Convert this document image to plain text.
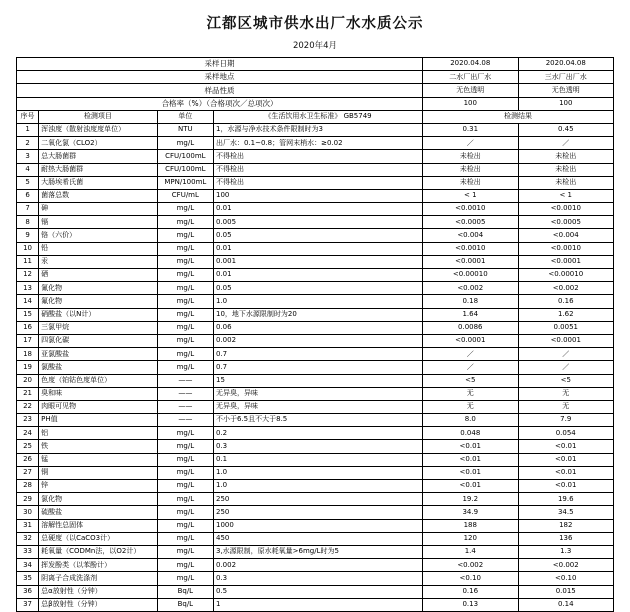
江都区城市供水出厂水水质公示
2020年4月
采样日期				2020.04.08	2020.04.08
采样地点				二水厂出厂水	三水厂出厂水
样品性质				无色透明	无色透明
合格率（%）（合格项次／总项次）				100	100
序号	检测项目	单位	《生活饮用水卫生标准》 GB5749	检测结果	
1	浑浊度（散射浊度度单位）	NTU	1，水源与净水技术条件限制时为3	0.31	0.45
2	二氧化氯（CLO2）	mg/L	出厂水：0.1~0.8；管网末梢水：≥0.02	／	／
3	总大肠菌群	CFU/100mL	不得检出	未检出	未检出
4	耐热大肠菌群	CFU/100mL	不得检出	未检出	未检出
5	大肠埃希氏菌	MPN/100mL	不得检出	未检出	未检出
6	菌落总数	CFU/mL	100	< 1	< 1
7	砷	mg/L	0.01	<0.0010	<0.0010
8	镉	mg/L	0.005	<0.0005	<0.0005
9	铬（六价）	mg/L	0.05	<0.004	<0.004
10	铅	mg/L	0.01	<0.0010	<0.0010
11	汞	mg/L	0.001	<0.0001	<0.0001
12	硒	mg/L	0.01	<0.00010	<0.00010
13	氰化物	mg/L	0.05	<0.002	<0.002
14	氟化物	mg/L	1.0	0.18	0.16
15	硝酸盐（以N计）	mg/L	10，地下水源限制时为20	1.64	1.62
16	三氯甲烷	mg/L	0.06	0.0086	0.0051
17	四氯化碳	mg/L	0.002	<0.0001	<0.0001
18	亚氯酸盐	mg/L	0.7	／	／
19	氯酸盐	mg/L	0.7	／	／
20	色度（铂钴色度单位）	——	15	<5	<5
21	臭和味	——	无异臭，异味	无	无
22	肉眼可见物	——	无异臭，异味	无	无
23	PH值	——	不小于6.5且不大于8.5	8.0	7.9
24	铝	mg/L	0.2	0.048	0.054
25	铁	mg/L	0.3	<0.01	<0.01
26	锰	mg/L	0.1	<0.01	<0.01
27	铜	mg/L	1.0	<0.01	<0.01
28	锌	mg/L	1.0	<0.01	<0.01
29	氯化物	mg/L	250	19.2	19.6
30	硫酸盐	mg/L	250	34.9	34.5
31	溶解性总固体	mg/L	1000	188	182
32	总硬度（以CaCO3计）	mg/L	450	120	136
33	耗氧量（CODMn法，以O2计）	mg/L	3,水源限制，原水耗氧量>6mg/L时为5	1.4	1.3
34	挥发酚类（以苯酚计）	mg/L	0.002	<0.002	<0.002
35	阴离子合成洗涤剂	mg/L	0.3	<0.10	<0.10
36	总α放射性（分钟）	Bq/L	0.5	0.16	0.015
37	总β放射性（分钟）	Bq/L	1	0.13	0.14
